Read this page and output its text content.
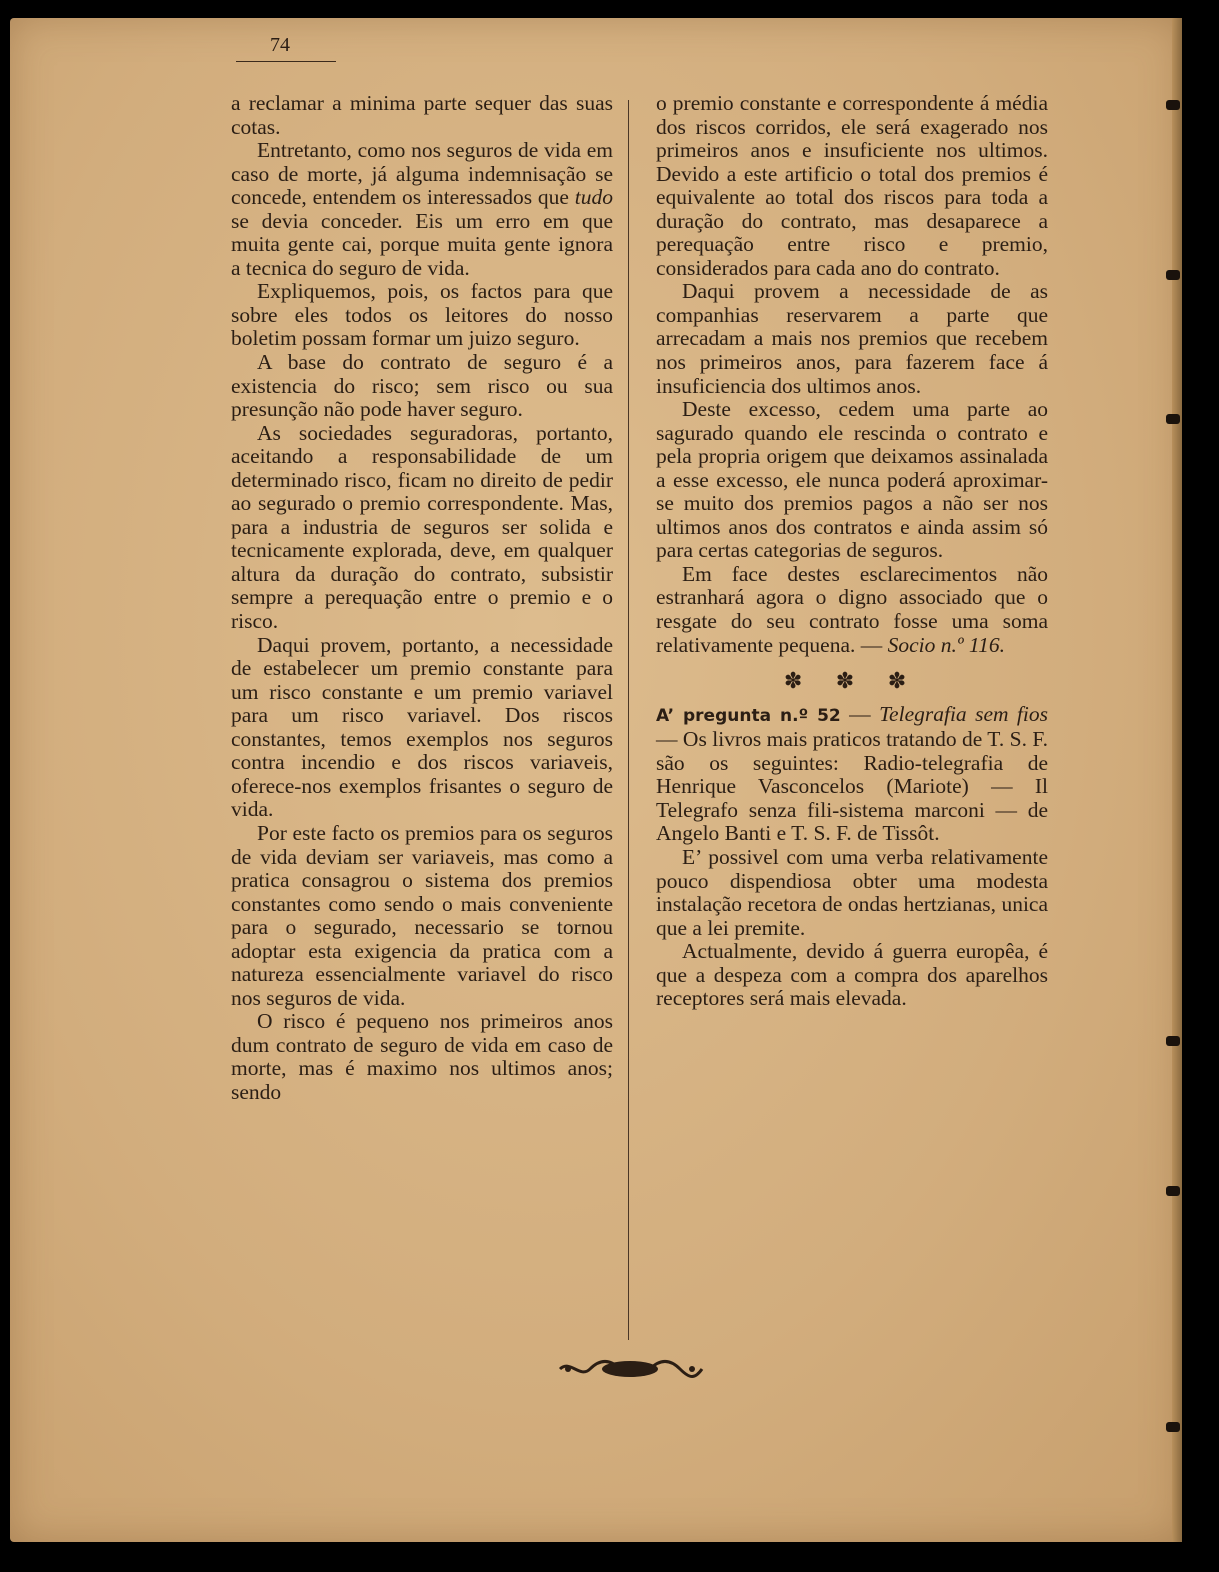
74

a reclamar a minima parte sequer das suas cotas.

Entretanto, como nos seguros de vida em caso de morte, já alguma indemnisação se concede, entendem os interessados que tudo se devia conceder. Eis um erro em que muita gente cai, porque muita gente ignora a tecnica do seguro de vida.

Expliquemos, pois, os factos para que sobre eles todos os leitores do nosso boletim possam formar um juizo seguro.

A base do contrato de seguro é a existencia do risco; sem risco ou sua presunção não pode haver seguro.

As sociedades seguradoras, portanto, aceitando a responsabilidade de um determinado risco, ficam no direito de pedir ao segurado o premio correspondente. Mas, para a industria de seguros ser solida e tecnicamente explorada, deve, em qualquer altura da duração do contrato, subsistir sempre a perequação entre o premio e o risco.

Daqui provem, portanto, a necessidade de estabelecer um premio constante para um risco constante e um premio variavel para um risco variavel. Dos riscos constantes, temos exemplos nos seguros contra incendio e dos riscos variaveis, oferece-nos exemplos frisantes o seguro de vida.

Por este facto os premios para os seguros de vida deviam ser variaveis, mas como a pratica consagrou o sistema dos premios constantes como sendo o mais conveniente para o segurado, necessario se tornou adoptar esta exigencia da pratica com a natureza essencialmente variavel do risco nos seguros de vida.

O risco é pequeno nos primeiros anos dum contrato de seguro de vida em caso de morte, mas é maximo nos ultimos anos; sendo

o premio constante e correspondente á média dos riscos corridos, ele será exagerado nos primeiros anos e insuficiente nos ultimos. Devido a este artificio o total dos premios é equivalente ao total dos riscos para toda a duração do contrato, mas desaparece a perequação entre risco e premio, considerados para cada ano do contrato.

Daqui provem a necessidade de as companhias reservarem a parte que arrecadam a mais nos premios que recebem nos primeiros anos, para fazerem face á insuficiencia dos ultimos anos.

Deste excesso, cedem uma parte ao sagurado quando ele rescinda o contrato e pela propria origem que deixamos assinalada a esse excesso, ele nunca poderá aproximar-se muito dos premios pagos a não ser nos ultimos anos dos contratos e ainda assim só para certas categorias de seguros.

Em face destes esclarecimentos não estranhará agora o digno associado que o resgate do seu contrato fosse uma soma relativamente pequena. — Socio n.º 116.

✽ ✽ ✽

A’ pregunta n.º 52 — Telegrafia sem fios — Os livros mais praticos tratando de T. S. F. são os seguintes: Radio-telegrafia de Henrique Vasconcelos (Mariote) — Il Telegrafo senza fili-sistema marconi — de Angelo Banti e T. S. F. de Tissôt.

E’ possivel com uma verba relativamente pouco dispendiosa obter uma modesta instalação recetora de ondas hertzianas, unica que a lei premite.

Actualmente, devido á guerra europêa, é que a despeza com a compra dos aparelhos receptores será mais elevada.
